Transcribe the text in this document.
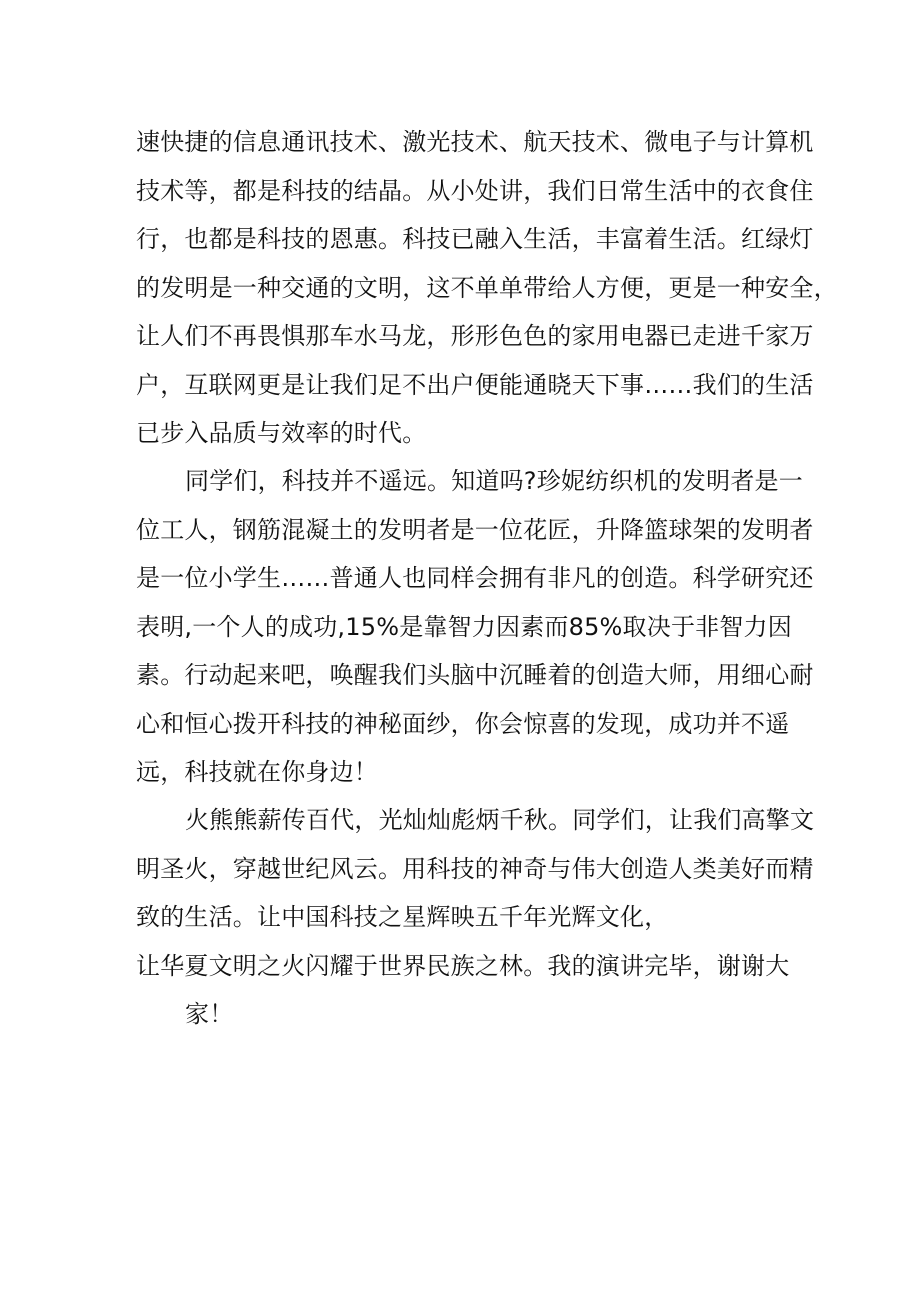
速快捷的信息通讯技术、激光技术、航天技术、微电子与计算机
技术等，都是科技的结晶。从小处讲，我们日常生活中的衣食住
行，也都是科技的恩惠。科技已融入生活，丰富着生活。红绿灯
的发明是一种交通的文明，这不单单带给人方便，更是一种安全，
让人们不再畏惧那车水马龙，形形色色的家用电器已走进千家万
户，互联网更是让我们足不出户便能通晓天下事……我们的生活
已步入品质与效率的时代。
同学们，科技并不遥远。知道吗?珍妮纺织机的发明者是一
位工人，钢筋混凝土的发明者是一位花匠，升降篮球架的发明者
是一位小学生……普通人也同样会拥有非凡的创造。科学研究还
表明,一个人的成功,15%是靠智力因素而85%取决于非智力因
素。行动起来吧，唤醒我们头脑中沉睡着的创造大师，用细心耐
心和恒心拨开科技的神秘面纱，你会惊喜的发现，成功并不遥
远，科技就在你身边！
火熊熊薪传百代，光灿灿彪炳千秋。同学们，让我们高擎文
明圣火，穿越世纪风云。用科技的神奇与伟大创造人类美好而精
致的生活。让中国科技之星辉映五千年光辉文化，
让华夏文明之火闪耀于世界民族之林。我的演讲完毕，谢谢大
家！
